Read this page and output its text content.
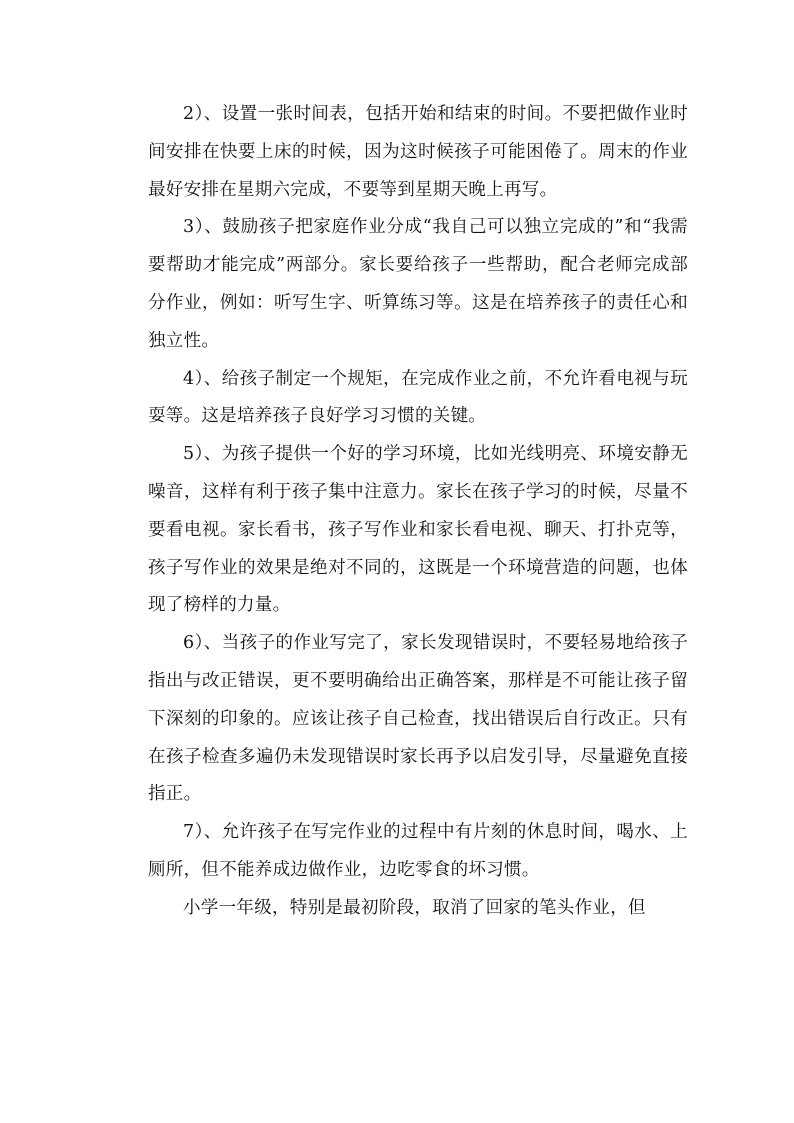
2）、设置一张时间表，包括开始和结束的时间。不要把做作业时间安排在快要上床的时候，因为这时候孩子可能困倦了。周末的作业最好安排在星期六完成，不要等到星期天晚上再写。

3）、鼓励孩子把家庭作业分成“我自己可以独立完成的”和“我需要帮助才能完成”两部分。家长要给孩子一些帮助，配合老师完成部分作业，例如：听写生字、听算练习等。这是在培养孩子的责任心和独立性。

4）、给孩子制定一个规矩，在完成作业之前，不允许看电视与玩耍等。这是培养孩子良好学习习惯的关键。

5）、为孩子提供一个好的学习环境，比如光线明亮、环境安静无噪音，这样有利于孩子集中注意力。家长在孩子学习的时候，尽量不要看电视。家长看书，孩子写作业和家长看电视、聊天、打扑克等，孩子写作业的效果是绝对不同的，这既是一个环境营造的问题，也体现了榜样的力量。

6）、当孩子的作业写完了，家长发现错误时，不要轻易地给孩子指出与改正错误，更不要明确给出正确答案，那样是不可能让孩子留下深刻的印象的。应该让孩子自己检查，找出错误后自行改正。只有在孩子检查多遍仍未发现错误时家长再予以启发引导，尽量避免直接指正。

7）、允许孩子在写完作业的过程中有片刻的休息时间，喝水、上厕所，但不能养成边做作业，边吃零食的坏习惯。

小学一年级，特别是最初阶段，取消了回家的笔头作业，但
